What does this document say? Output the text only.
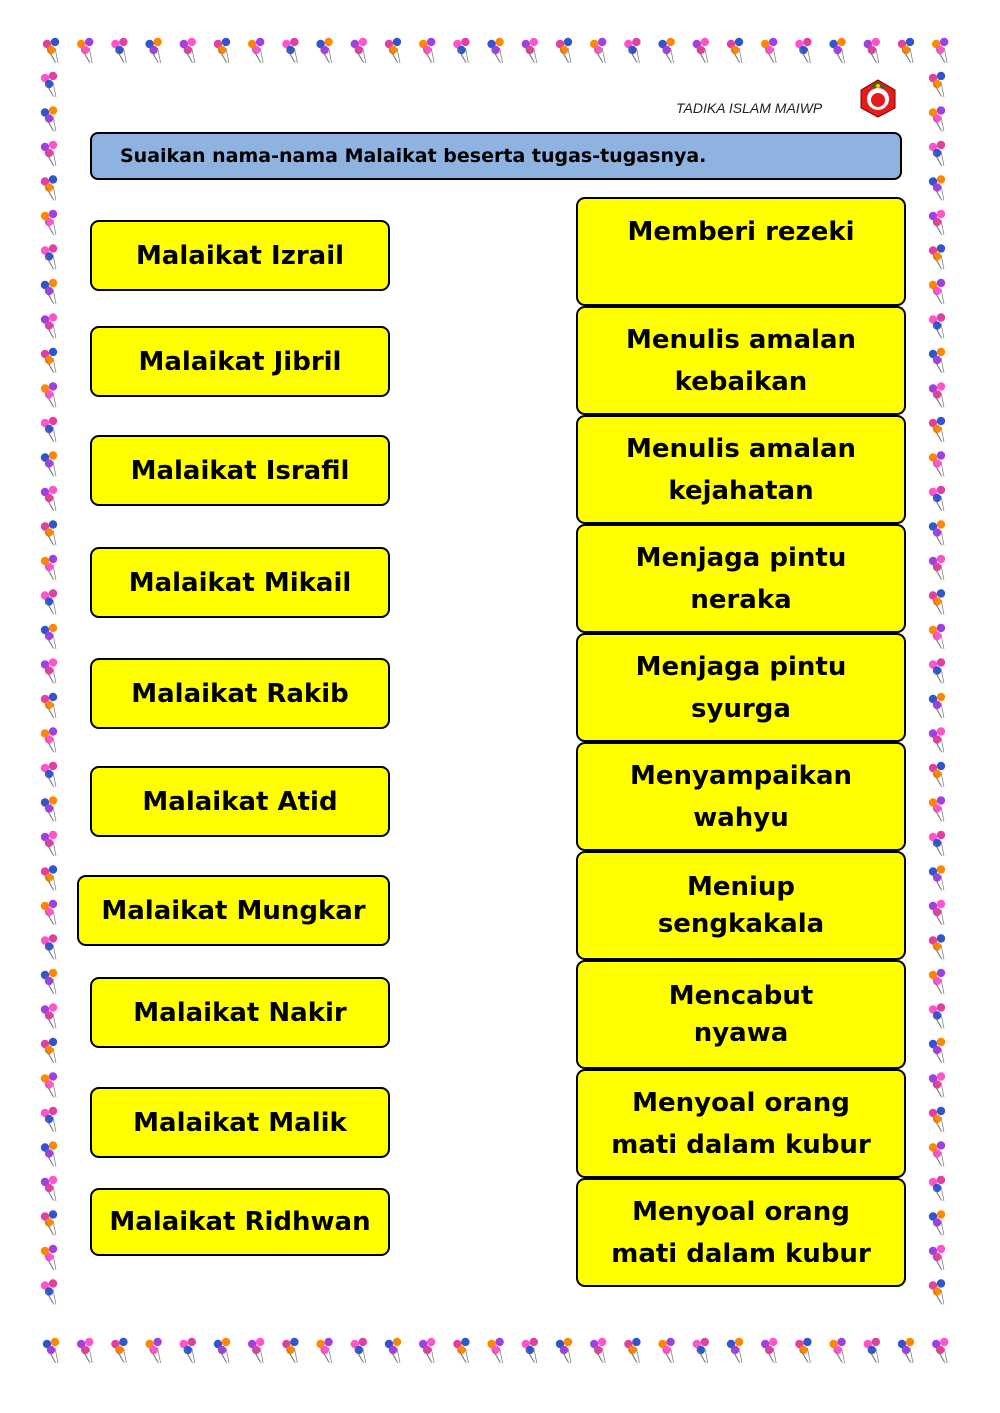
TADIKA ISLAM MAIWP
Suaikan nama-nama Malaikat beserta tugas-tugasnya.
Malaikat Izrail
Malaikat Jibril
Malaikat Israfil
Malaikat Mikail
Malaikat Rakib
Malaikat Atid
Malaikat Mungkar
Malaikat Nakir
Malaikat Malik
Malaikat Ridhwan
Memberi rezeki
Menulis amalan
kebaikan
Menulis amalan
kejahatan
Menjaga pintu
neraka
Menjaga pintu
syurga
Menyampaikan
wahyu
Meniup
sengkakala
Mencabut
nyawa
Menyoal orang
mati dalam kubur
Menyoal orang
mati dalam kubur
